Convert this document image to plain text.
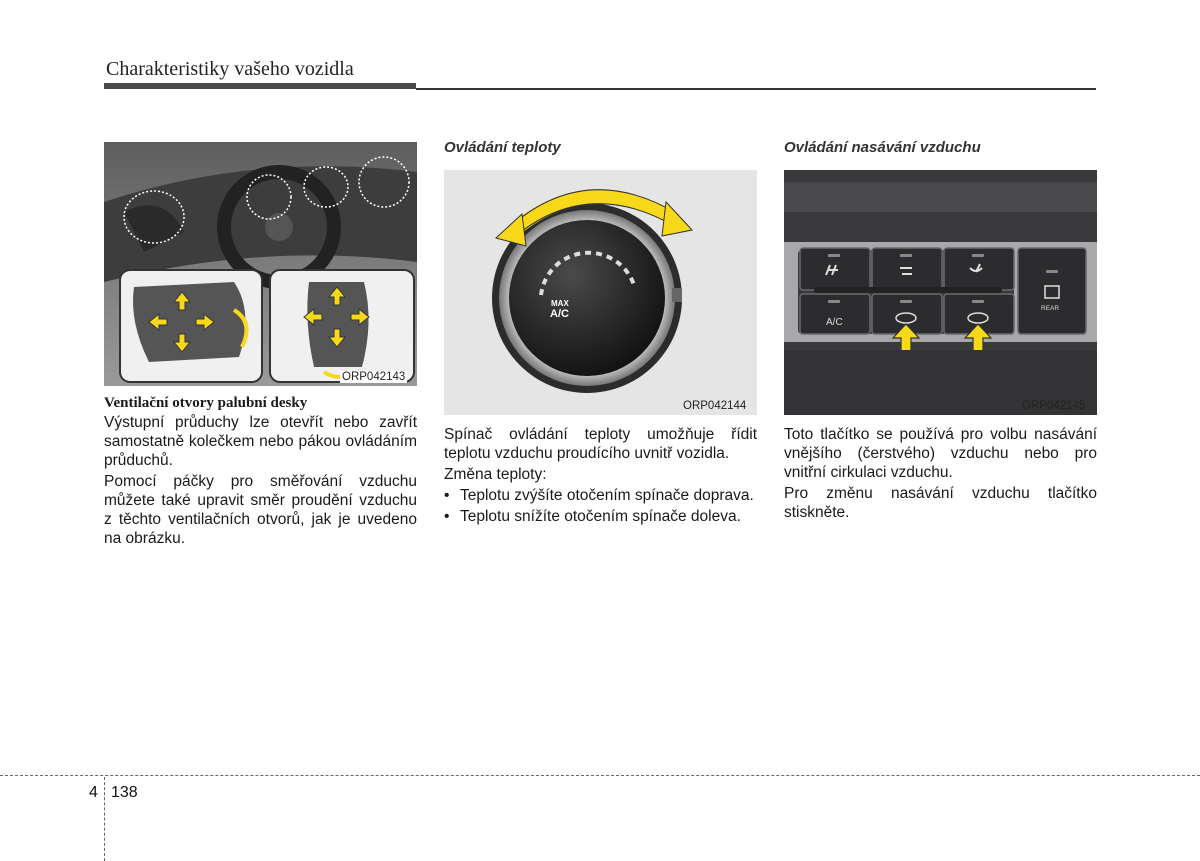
Charakteristiky vašeho vozidla
ORP042143
Ventilační otvory palubní desky

Výstupní průduchy lze otevřít nebo zavřít samostatně kolečkem nebo pákou ovládáním průduchů.

Pomocí páčky pro směřování vzduchu můžete také upravit směr proudění vzduchu z těchto ventilačních otvorů, jak je uvedeno na obrázku.

Ovládání teploty
MAX
A/C
ORP042144

Spínač ovládání teploty umožňuje řídit teplotu vzduchu proudícího uvnitř vozidla.

Změna teploty:

• Teplotu zvýšíte otočením spínače doprava.
• Teplotu snížíte otočením spínače doleva.
Ovládání nasávání vzduchu
A/C
REAR
ORP042145

Toto tlačítko se používá pro volbu nasávání vnějšího (čerstvého) vzduchu nebo pro vnitřní cirkulaci vzduchu.

Pro změnu nasávání vzduchu tlačítko stiskněte.

4 138
